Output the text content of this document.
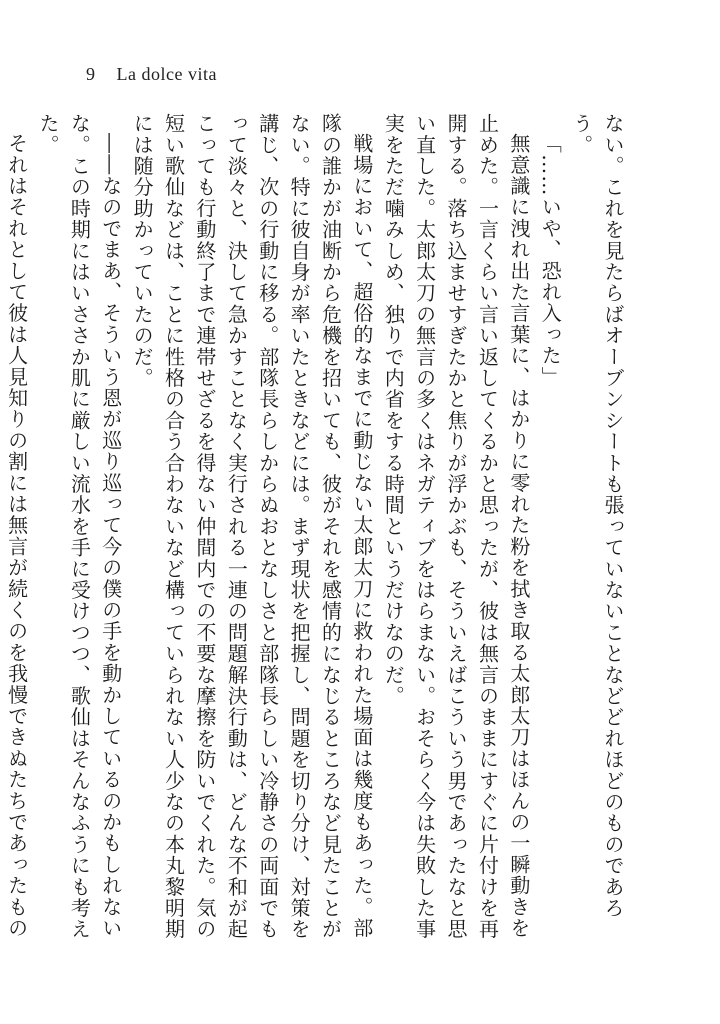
9 La dolce vita

ない。これを見たらばオーブンシートも張っていないことなどどれほどのものであろう。

「……いや、恐れ入った」

無意識に洩れ出た言葉に、はかりに零れた粉を拭き取る太郎太刀はほんの一瞬動きを止めた。一言くらい言い返してくるかと思ったが、彼は無言のままにすぐに片付けを再開する。落ち込ませすぎたかと焦りが浮かぶも、そういえばこういう男であったなと思い直した。太郎太刀の無言の多くはネガティブをはらまない。おそらく今は失敗した事実をただ噛みしめ、独りで内省をする時間というだけなのだ。

戦場において、超俗的なまでに動じない太郎太刀に救われた場面は幾度もあった。部隊の誰かが油断から危機を招いても、彼がそれを感情的になじるところなど見たことがない。特に彼自身が率いたときなどには。まず現状を把握し、問題を切り分け、対策を講じ、次の行動に移る。部隊長らしからぬおとなしさと部隊長らしい冷静さの両面でもって淡々と、決して急かすことなく実行される一連の問題解決行動は、どんな不和が起こっても行動終了まで連帯せざるを得ない仲間内での不要な摩擦を防いでくれた。気の短い歌仙などは、ことに性格の合う合わないなど構っていられない人少なの本丸黎明期には随分助かっていたのだ。

――なのでまあ、そういう恩が巡り巡って今の僕の手を動かしているのかもしれないな。この時期にはいささか肌に厳しい流水を手に受けつつ、歌仙はそんなふうにも考えた。

それはそれとして彼は人見知りの割には無言が続くのを我慢できぬたちであったもの
